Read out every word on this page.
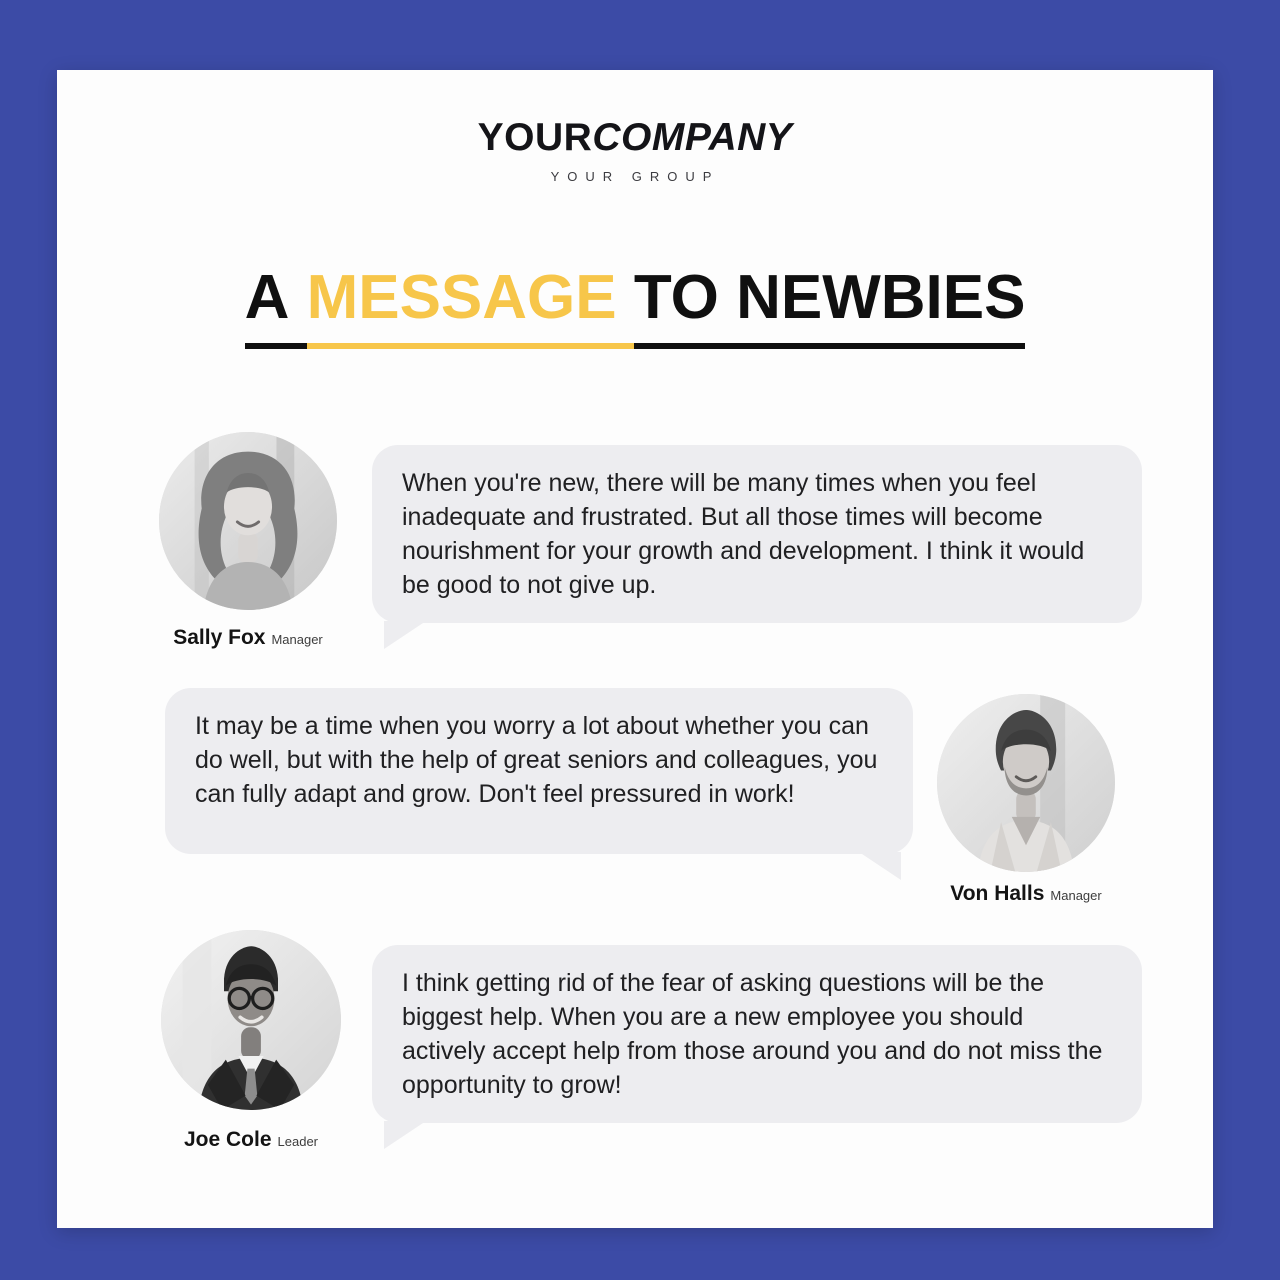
YOURCOMPANY
YOUR GROUP
A MESSAGE TO NEWBIES

When you're new, there will be many times when you feel inadequate and frustrated. But all those times will become nourishment for your growth and development. I think it would be good to not give up.

Sally Fox Manager

It may be a time when you worry a lot about whether you can do well, but with the help of great seniors and colleagues, you can fully adapt and grow. Don't feel pressured in work!

Von Halls Manager

I think getting rid of the fear of asking questions will be the biggest help. When you are a new employee you should actively accept help from those around you and do not miss the opportunity to grow!

Joe Cole Leader
